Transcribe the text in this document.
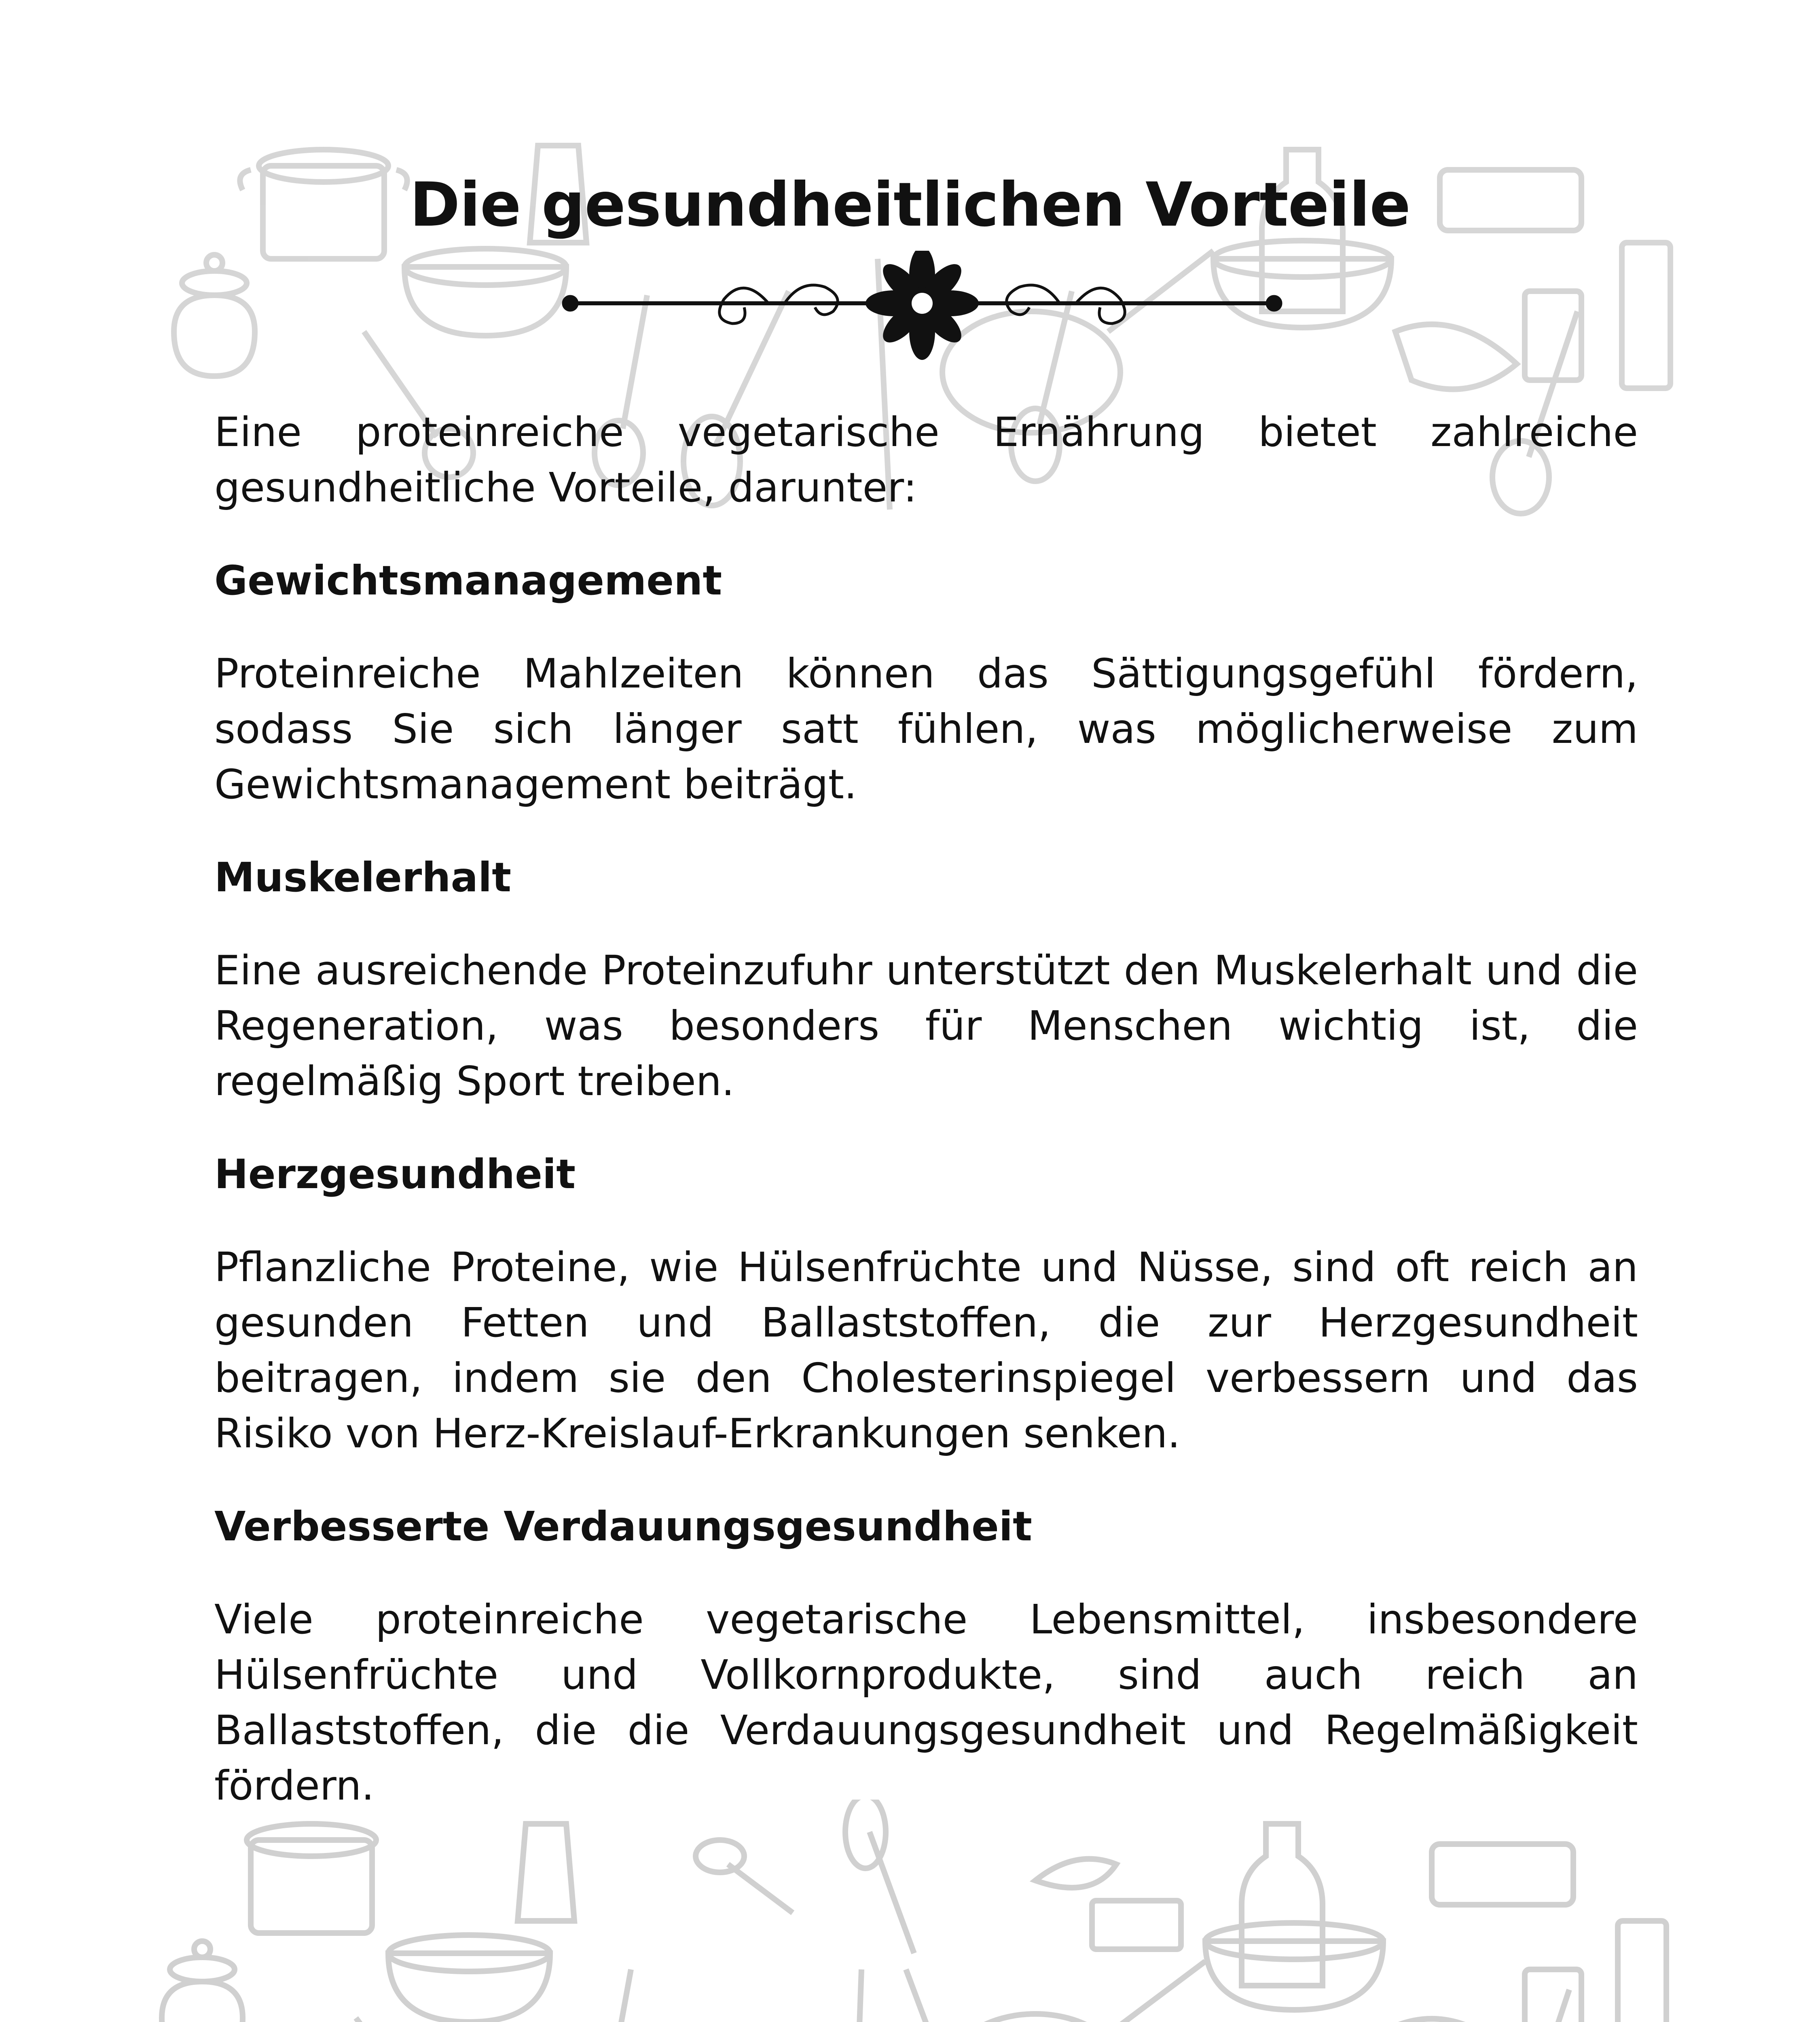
Die gesundheitlichen Vorteile

Eine proteinreiche vegetarische Ernährung bietet zahlreiche gesundheitliche Vorteile, darunter:

Gewichtsmanagement

Proteinreiche Mahlzeiten können das Sättigungsgefühl fördern, sodass Sie sich länger satt fühlen, was möglicherweise zum Gewichtsmanagement beiträgt.

Muskelerhalt

Eine ausreichende Proteinzufuhr unterstützt den Muskelerhalt und die Regeneration, was besonders für Menschen wichtig ist, die regelmäßig Sport treiben.

Herzgesundheit

Pflanzliche Proteine, wie Hülsenfrüchte und Nüsse, sind oft reich an gesunden Fetten und Ballaststoffen, die zur Herzgesundheit beitragen, indem sie den Cholesterinspiegel verbessern und das Risiko von Herz-Kreislauf-Erkrankungen senken.

Verbesserte Verdauungsgesundheit

Viele proteinreiche vegetarische Lebensmittel, insbesondere Hülsenfrüchte und Vollkornprodukte, sind auch reich an Ballaststoffen, die die Verdauungsgesundheit und Regelmäßigkeit fördern.
